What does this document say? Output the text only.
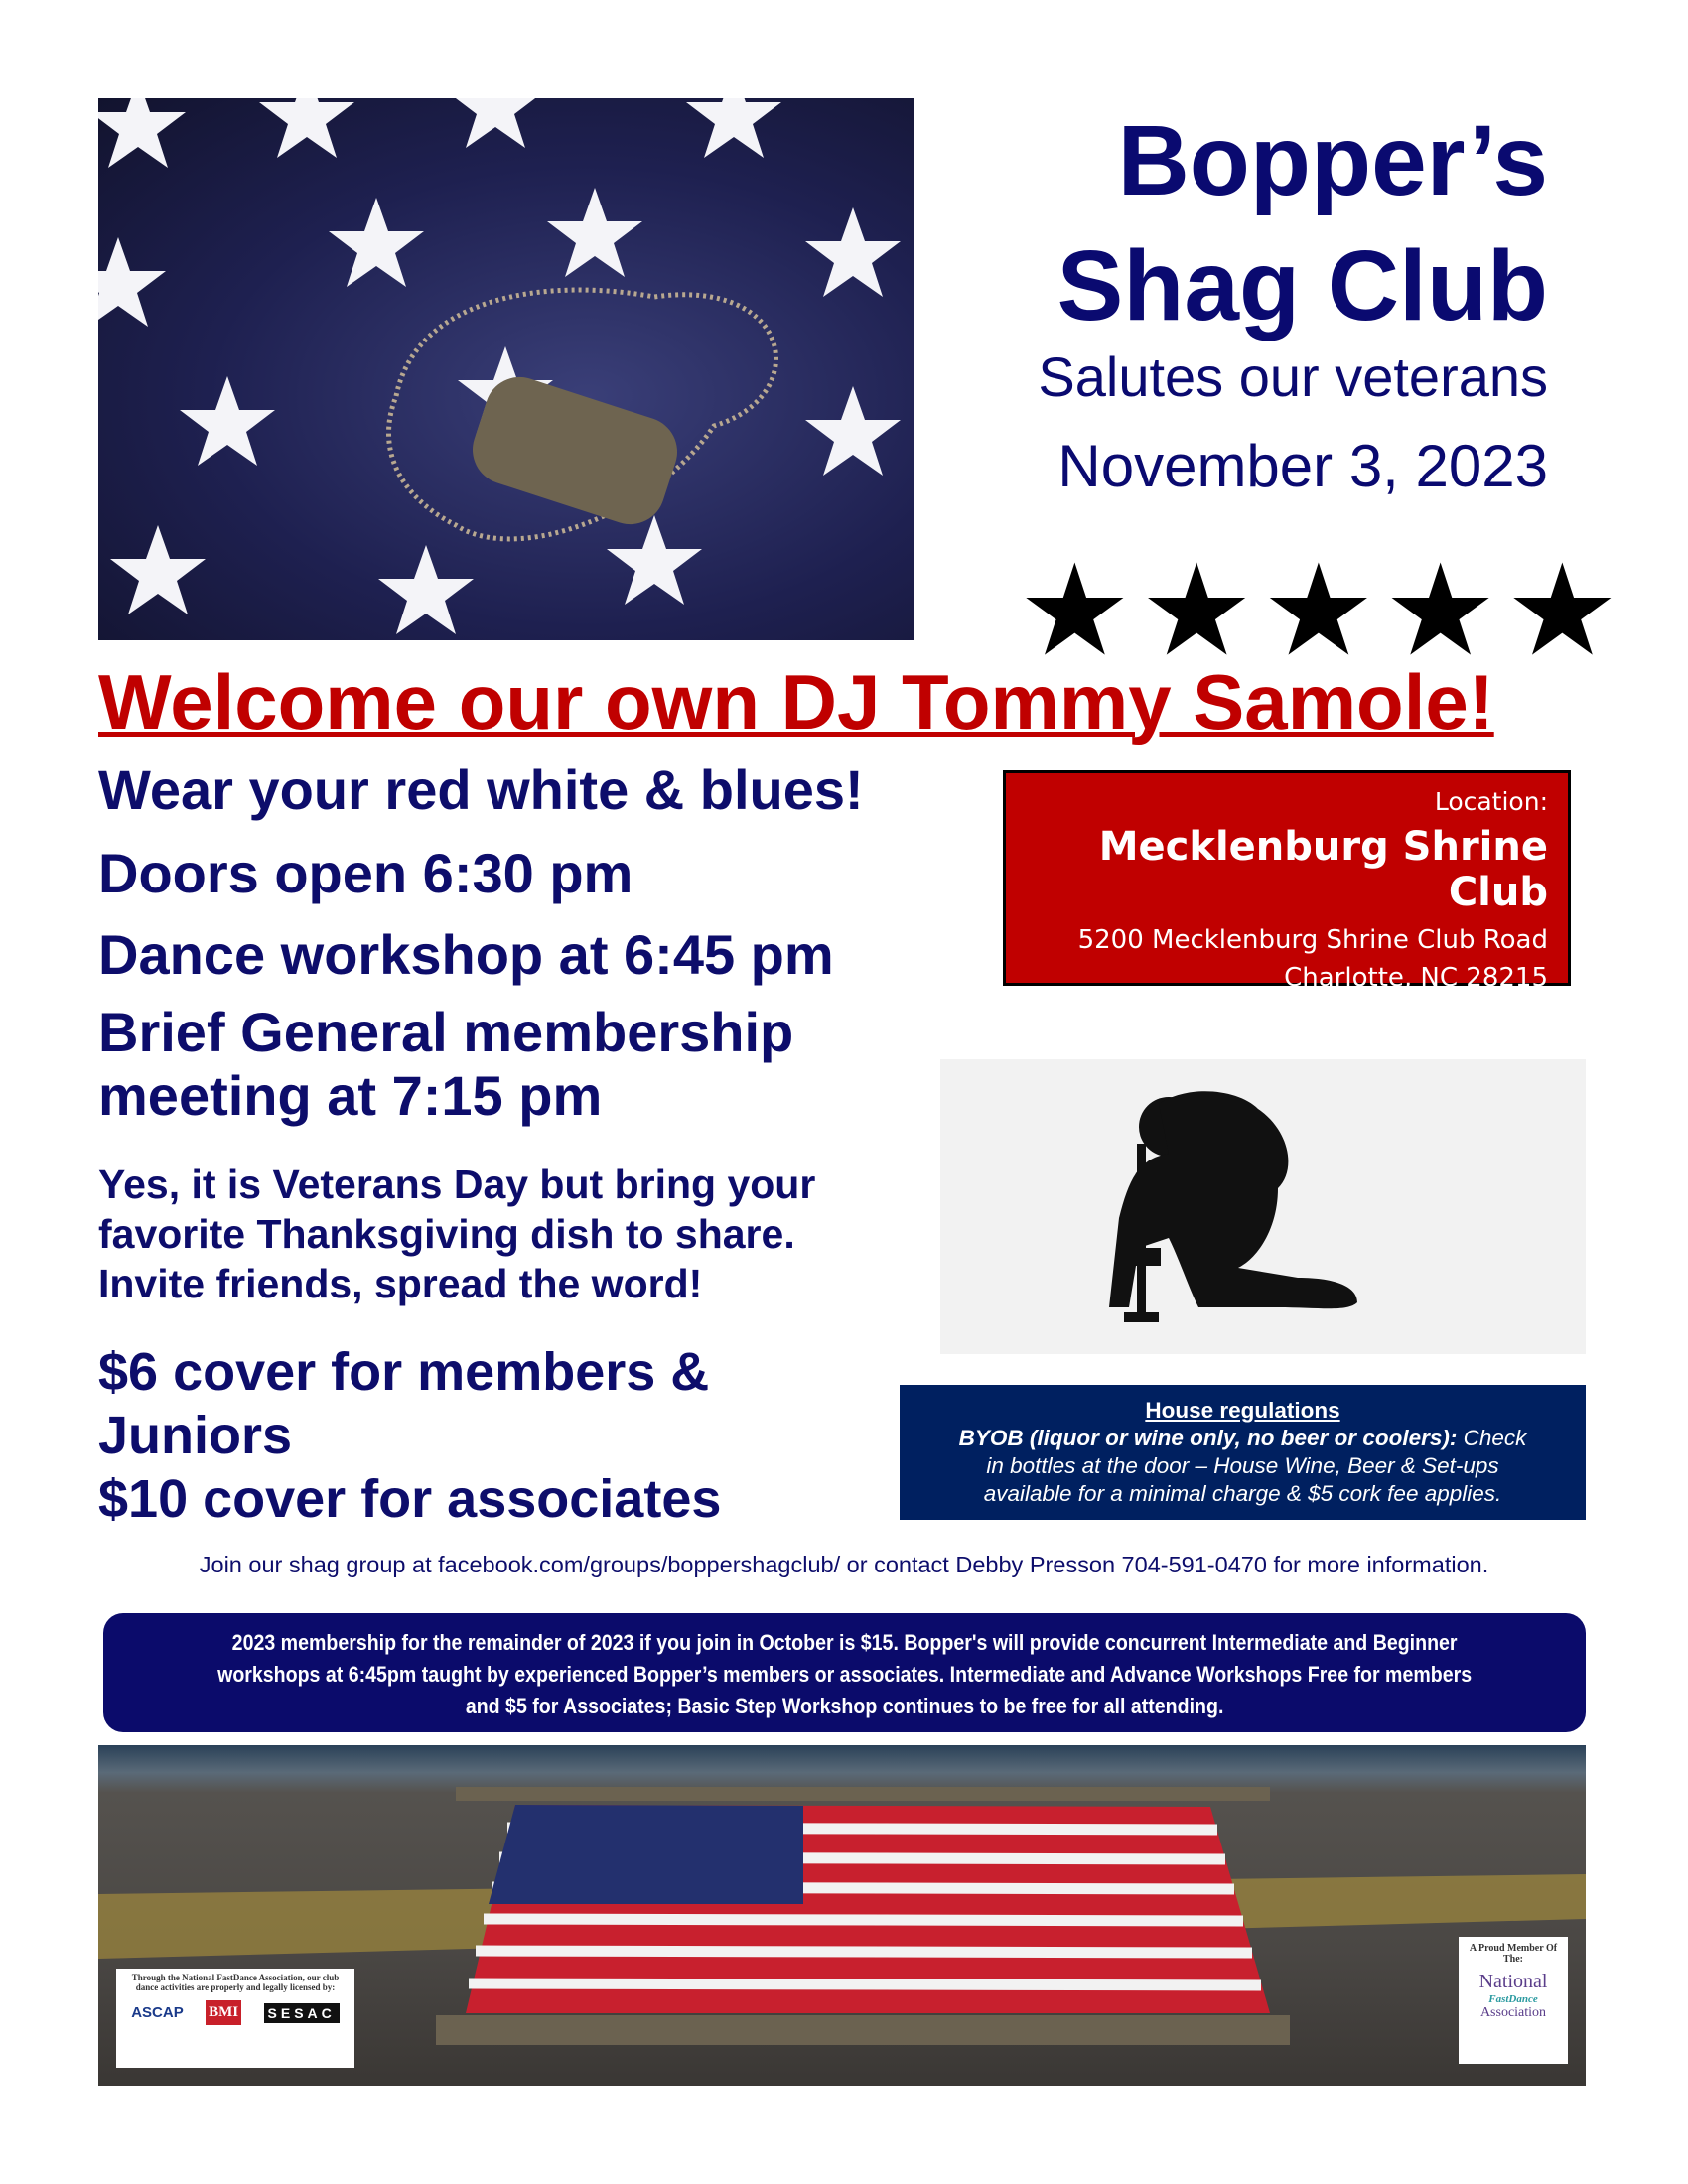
Bopper’s
Shag Club
Salutes our veterans
November 3, 2023
★ ★ ★ ★ ★
Welcome our own DJ Tommy Samole!
Wear your red white & blues!
Doors open 6:30 pm
Dance workshop at 6:45 pm
Brief General membership
meeting at 7:15 pm
Yes, it is Veterans Day but bring your
favorite Thanksgiving dish to share.
Invite friends, spread the word!
$6 cover for members &
Juniors
$10 cover for associates
Location:
Mecklenburg Shrine Club
5200 Mecklenburg Shrine Club Road
Charlotte, NC 28215
House regulations
BYOB (liquor or wine only, no beer or coolers): Check
in bottles at the door – House Wine, Beer & Set-ups
available for a minimal charge & $5 cork fee applies.
Join our shag group at facebook.com/groups/boppershagclub/ or contact Debby Presson 704-591-0470 for more information.
2023 membership for the remainder of 2023 if you join in October is $15. Bopper's will provide concurrent Intermediate and Beginner
workshops at 6:45pm taught by experienced Bopper’s members or associates. Intermediate and Advance Workshops Free for members
and $5 for Associates; Basic Step Workshop continues to be free for all attending.
Through the National FastDance Association, our club dance activities are properly and legally licensed by:
ASCAP BMI SESAC
A Proud Member Of The:
National
FastDance
Association
